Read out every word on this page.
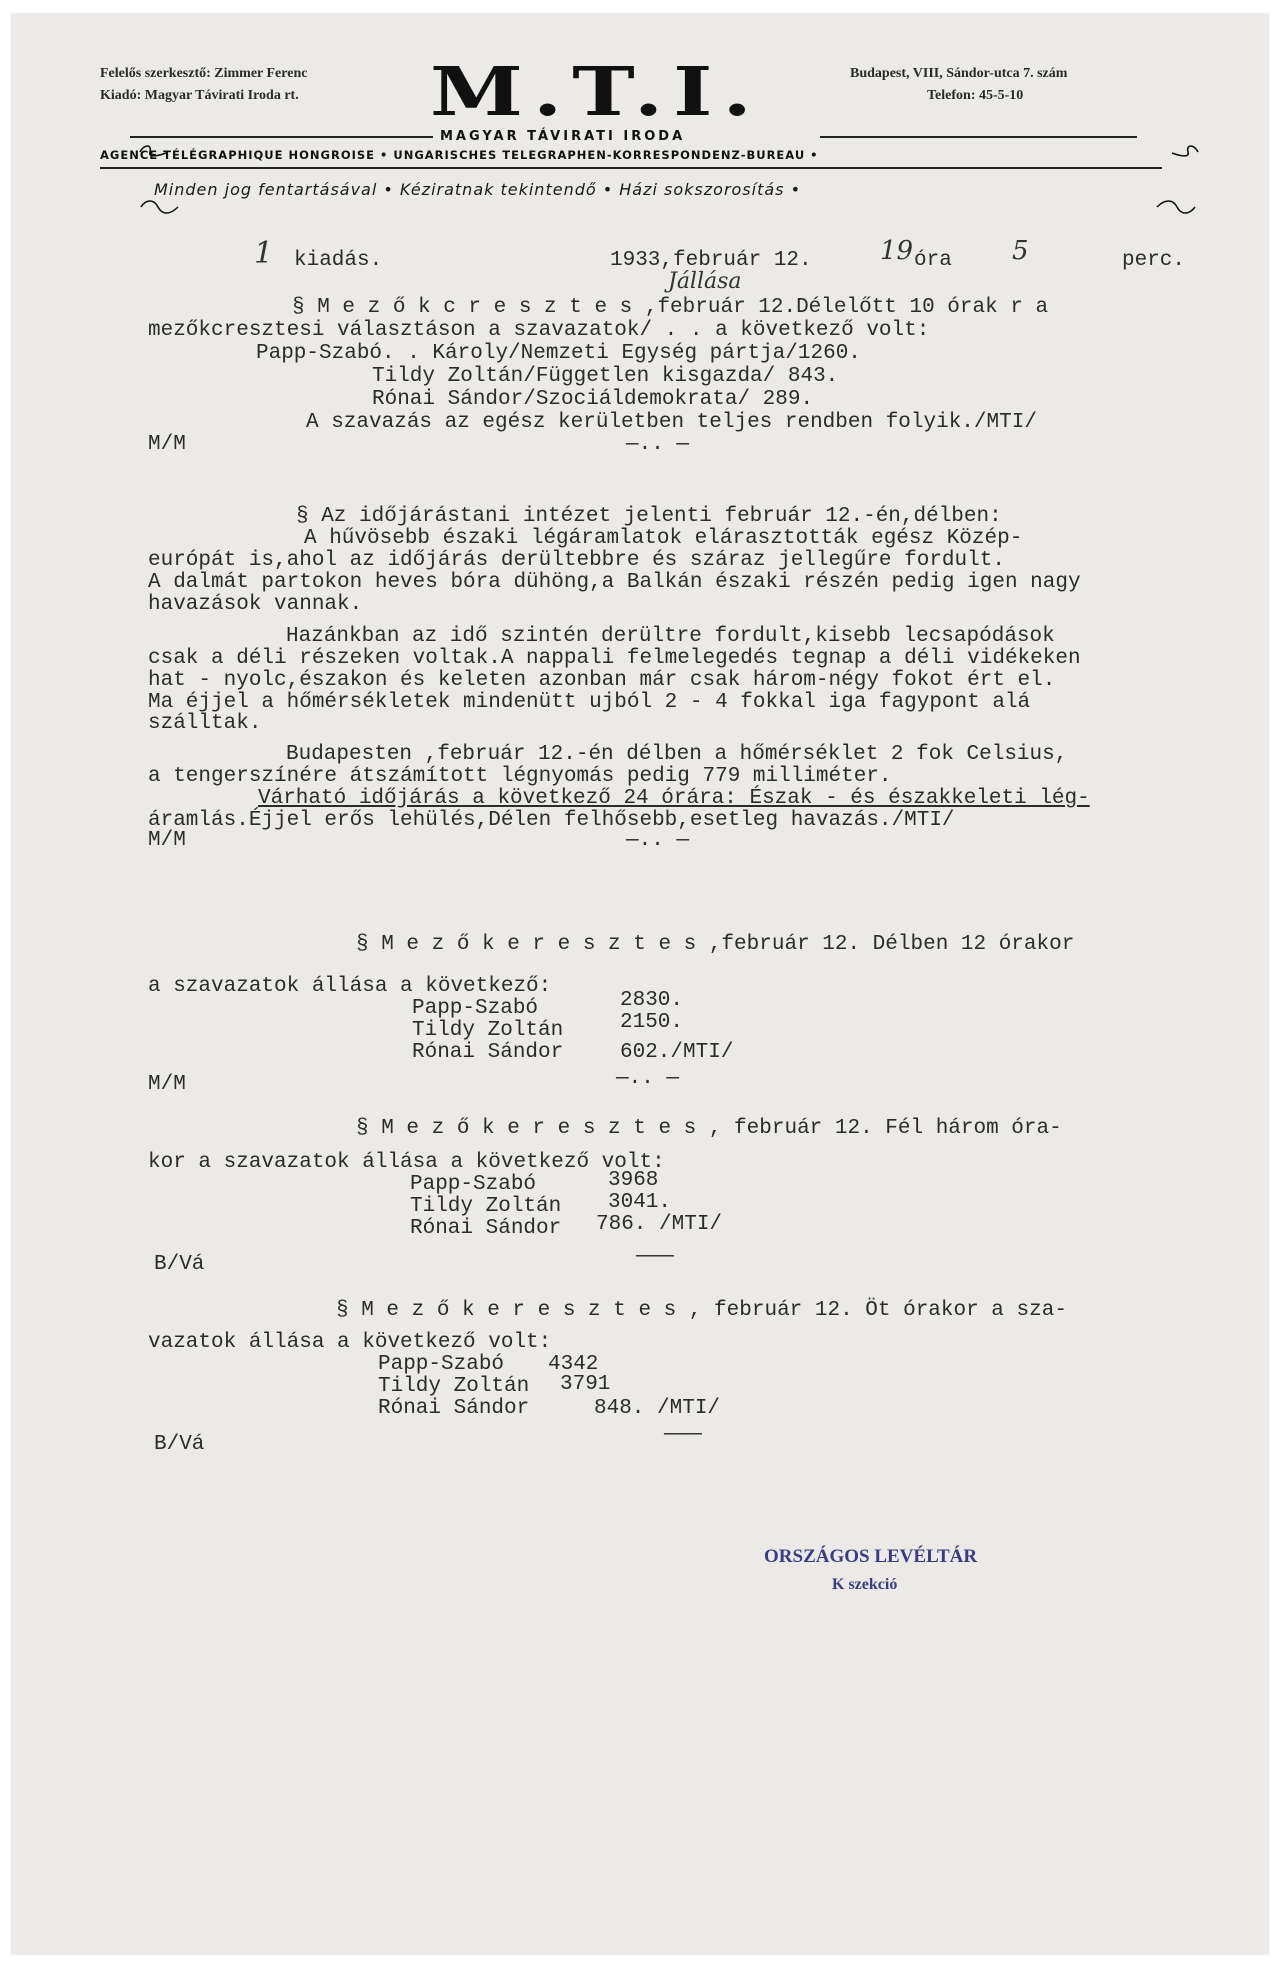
Felelős szerkesztő: Zimmer Ferenc
Kiadó: Magyar Távirati Iroda rt. M.T.I.	Budapest, VIII, Sándor-utca 7. szám
Telefon: 45-5-10

MAGYAR TÁVIRATI IRODA

AGENCE TÉLÉGRAPHIQUE HONGROISE • UNGARISCHES TELEGRAPHEN-KORRESPONDENZ-BUREAU •

Minden jog fentartásával • Kéziratnak tekintendő • Házi sokszorosítás •

1 kiadás.	1933,február 12.	19 óra 5	perc.
Jállása
§ M e z ő k c r e s z t e s ,február 12.Délelőtt 10 órak r a
mezőkcresztesi választáson a szavazatok/ . . a következő volt:
Papp-Szabó. . Károly/Nemzeti Egység pártja/1260.
Tildy Zoltán/Független kisgazda/ 843.
Rónai Sándor/Szociáldemokrata/ 289.
A szavazás az egész kerületben teljes rendben folyik./MTI/
M/M	—.. —
§ Az időjárástani intézet jelenti február 12.-én,délben:
A hűvösebb északi légáramlatok elárasztották egész Közép-
európát is,ahol az időjárás derültebbre és száraz jellegűre fordult.
A dalmát partokon heves bóra dühöng,a Balkán északi részén pedig igen nagy
havazások vannak.
Hazánkban az idő szintén derültre fordult,kisebb lecsapódások
csak a déli részeken voltak.A nappali felmelegedés tegnap a déli vidékeken
hat - nyolc,északon és keleten azonban már csak három-négy fokot ért el.
Ma éjjel a hőmérsékletek mindenütt ujból 2 - 4 fokkal iga fagypont alá
szálltak.
Budapesten ,február 12.-én délben a hőmérséklet 2 fok Celsius,
a tengerszínére átszámított légnyomás pedig 779 milliméter.
Várható időjárás a következő 24 órára: Észak - és északkeleti lég-
áramlás.Éjjel erős lehülés,Délen felhősebb,esetleg havazás./MTI/
M/M	—.. —
§ M e z ő k e r e s z t e s ,február 12. Délben 12 órakor
a szavazatok állása a következő:
Papp-Szabó	2830.
Tildy Zoltán	2150.
Rónai Sándor	602./MTI/
M/M	—.. —
§ M e z ő k e r e s z t e s , február 12. Fél három óra-
kor a szavazatok állása a következő volt:
Papp-Szabó	3968
Tildy Zoltán 3041.
Rónai Sándor 786. /MTI/
B/Vá	———
§ M e z ő k e r e s z t e s , február 12. Öt órakor a sza-
vazatok állása a következő volt:
Papp-Szabó 4342
Tildy Zoltán 3791
Rónai Sándor	848. /MTI/
B/Vá	———
ORSZÁGOS LEVÉLTÁR
K szekció
